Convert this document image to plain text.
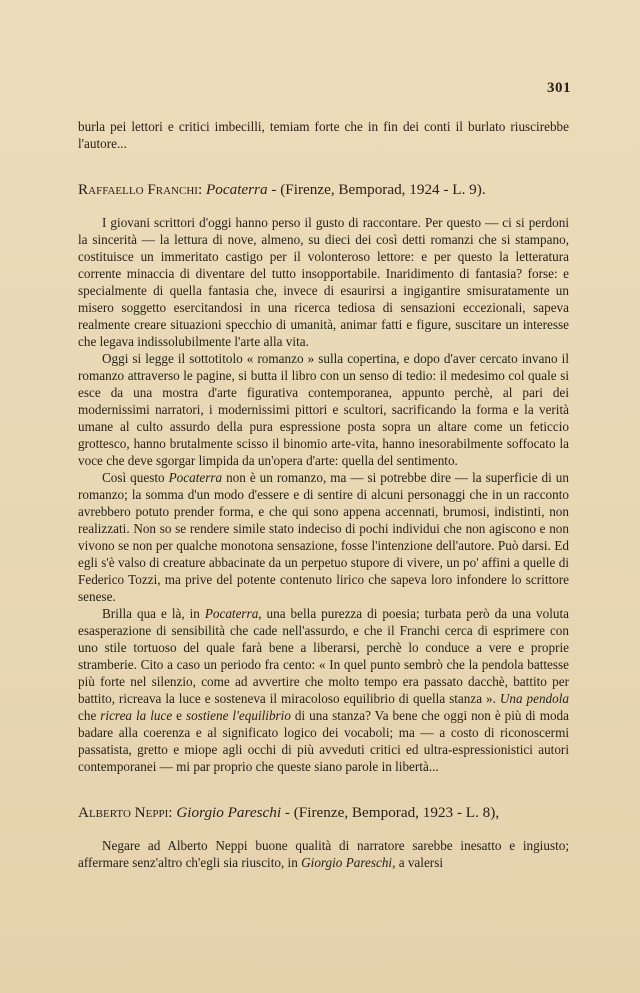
301

burla pei lettori e critici imbecilli, temiam forte che in fin dei conti il burlato riuscirebbe l'autore...

Raffaello Franchi: Pocaterra - (Firenze, Bemporad, 1924 - L. 9).

I giovani scrittori d'oggi hanno perso il gusto di raccontare. Per questo — ci si perdoni la sincerità — la lettura di nove, almeno, su dieci dei così detti romanzi che si stampano, costituisce un immeritato castigo per il volonteroso lettore: e per questo la letteratura corrente minaccia di diventare del tutto insopportabile. Inaridimento di fantasia? forse: e specialmente di quella fantasia che, invece di esaurirsi a ingigantire smisuratamente un misero soggetto esercitandosi in una ricerca tediosa di sensazioni eccezionali, sapeva realmente creare situazioni specchio di umanità, animar fatti e figure, suscitare un interesse che legava indissolubilmente l'arte alla vita.

Oggi si legge il sottotitolo « romanzo » sulla copertina, e dopo d'aver cercato invano il romanzo attraverso le pagine, si butta il libro con un senso di tedio: il medesimo col quale si esce da una mostra d'arte figurativa contemporanea, appunto perchè, al pari dei modernissimi narratori, i modernissimi pittori e scultori, sacrificando la forma e la verità umane al culto assurdo della pura espressione posta sopra un altare come un feticcio grottesco, hanno brutalmente scisso il binomio arte-vita, hanno inesorabilmente soffocato la voce che deve sgorgar limpida da un'opera d'arte: quella del sentimento.

Così questo Pocaterra non è un romanzo, ma — si potrebbe dire — la superficie di un romanzo; la somma d'un modo d'essere e di sentire di alcuni personaggi che in un racconto avrebbero potuto prender forma, e che qui sono appena accennati, brumosi, indistinti, non realizzati. Non so se rendere simile stato indeciso di pochi individui che non agiscono e non vivono se non per qualche monotona sensazione, fosse l'intenzione dell'autore. Può darsi. Ed egli s'è valso di creature abbacinate da un perpetuo stupore di vivere, un po' affini a quelle di Federico Tozzi, ma prive del potente contenuto lirico che sapeva loro infondere lo scrittore senese.

Brilla qua e là, in Pocaterra, una bella purezza di poesia; turbata però da una voluta esasperazione di sensibilità che cade nell'assurdo, e che il Franchi cerca di esprimere con uno stile tortuoso del quale farà bene a liberarsi, perchè lo conduce a vere e proprie stramberie. Cito a caso un periodo fra cento: « In quel punto sembrò che la pendola battesse più forte nel silenzio, come ad avvertire che molto tempo era passato dacchè, battito per battito, ricreava la luce e sosteneva il miracoloso equilibrio di quella stanza ». Una pendola che ricrea la luce e sostiene l'equilibrio di una stanza? Va bene che oggi non è più di moda badare alla coerenza e al significato logico dei vocaboli; ma — a costo di riconoscermi passatista, gretto e miope agli occhi di più avveduti critici ed ultra-espressionistici autori contemporanei — mi par proprio che queste siano parole in libertà...

Alberto Neppi: Giorgio Pareschi - (Firenze, Bemporad, 1923 - L. 8),

Negare ad Alberto Neppi buone qualità di narratore sarebbe inesatto e ingiusto; affermare senz'altro ch'egli sia riuscito, in Giorgio Pareschi, a valersi
